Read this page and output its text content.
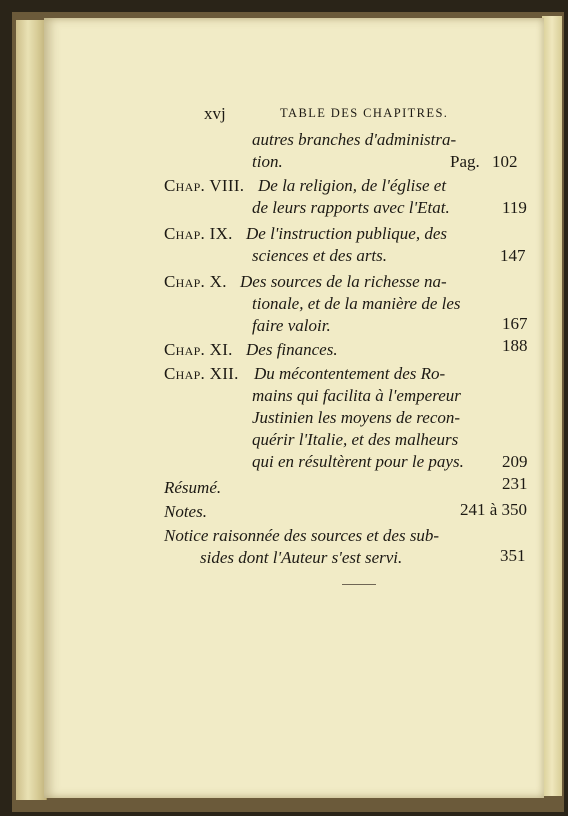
xvj	TABLE DES CHAPITRES.
autres branches d'administra-
tion.	Pag. 102
Chap. VIII. De la religion, de l'église et
de leurs rapports avec l'Etat.	119
Chap. IX. De l'instruction publique, des
sciences et des arts.	147
Chap. X. Des sources de la richesse na-
tionale, et de la manière de les
faire valoir.	167
Chap. XI. Des finances.	188
Chap. XII. Du mécontentement des Ro-
mains qui facilita à l'empereur
Justinien les moyens de recon-
quérir l'Italie, et des malheurs
qui en résultèrent pour le pays. 209
Résumé.	231
Notes.	241 à 350
Notice raisonnée des sources et des sub-
sides dont l'Auteur s'est servi.	351
